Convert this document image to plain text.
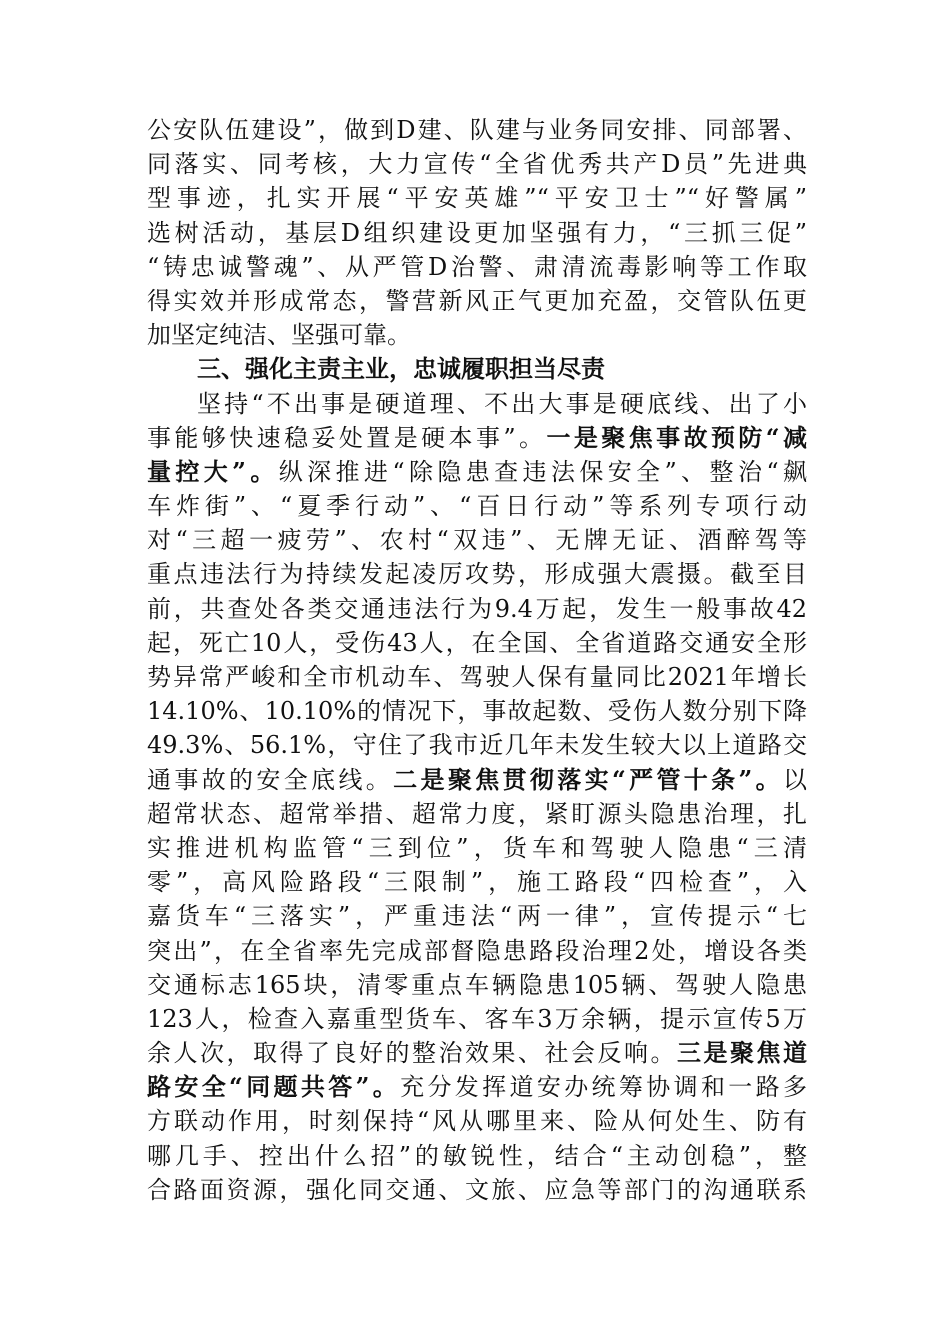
公安队伍建设”，做到D建、队建与业务同安排、同部署、
同落实、同考核，大力宣传“全省优秀共产D员”先进典
型事迹，扎实开展“平安英雄”“平安卫士”“好警属”
选树活动，基层D组织建设更加坚强有力，“三抓三促”
“铸忠诚警魂”、从严管D治警、肃清流毒影响等工作取
得实效并形成常态，警营新风正气更加充盈，交管队伍更
加坚定纯洁、坚强可靠。
三、强化主责主业，忠诚履职担当尽责
坚持“不出事是硬道理、不出大事是硬底线、出了小
事能够快速稳妥处置是硬本事”。一是聚焦事故预防“减
量控大”。纵深推进“除隐患查违法保安全”、整治“飙
车炸街”、“夏季行动”、“百日行动”等系列专项行动
对“三超一疲劳”、农村“双违”、无牌无证、酒醉驾等
重点违法行为持续发起凌厉攻势，形成强大震摄。截至目
前，共查处各类交通违法行为9.4万起，发生一般事故42
起，死亡10人，受伤43人，在全国、全省道路交通安全形
势异常严峻和全市机动车、驾驶人保有量同比2021年增长
14.10%、10.10%的情况下，事故起数、受伤人数分别下降
49.3%、56.1%，守住了我市近几年未发生较大以上道路交
通事故的安全底线。二是聚焦贯彻落实“严管十条”。以
超常状态、超常举措、超常力度，紧盯源头隐患治理，扎
实推进机构监管“三到位”，货车和驾驶人隐患“三清
零”，高风险路段“三限制”，施工路段“四检查”，入
嘉货车“三落实”，严重违法“两一律”，宣传提示“七
突出”，在全省率先完成部督隐患路段治理2处，增设各类
交通标志165块，清零重点车辆隐患105辆、驾驶人隐患
123人，检查入嘉重型货车、客车3万余辆，提示宣传5万
余人次，取得了良好的整治效果、社会反响。三是聚焦道
路安全“同题共答”。充分发挥道安办统筹协调和一路多
方联动作用，时刻保持“风从哪里来、险从何处生、防有
哪几手、控出什么招”的敏锐性，结合“主动创稳”，整
合路面资源，强化同交通、文旅、应急等部门的沟通联系
